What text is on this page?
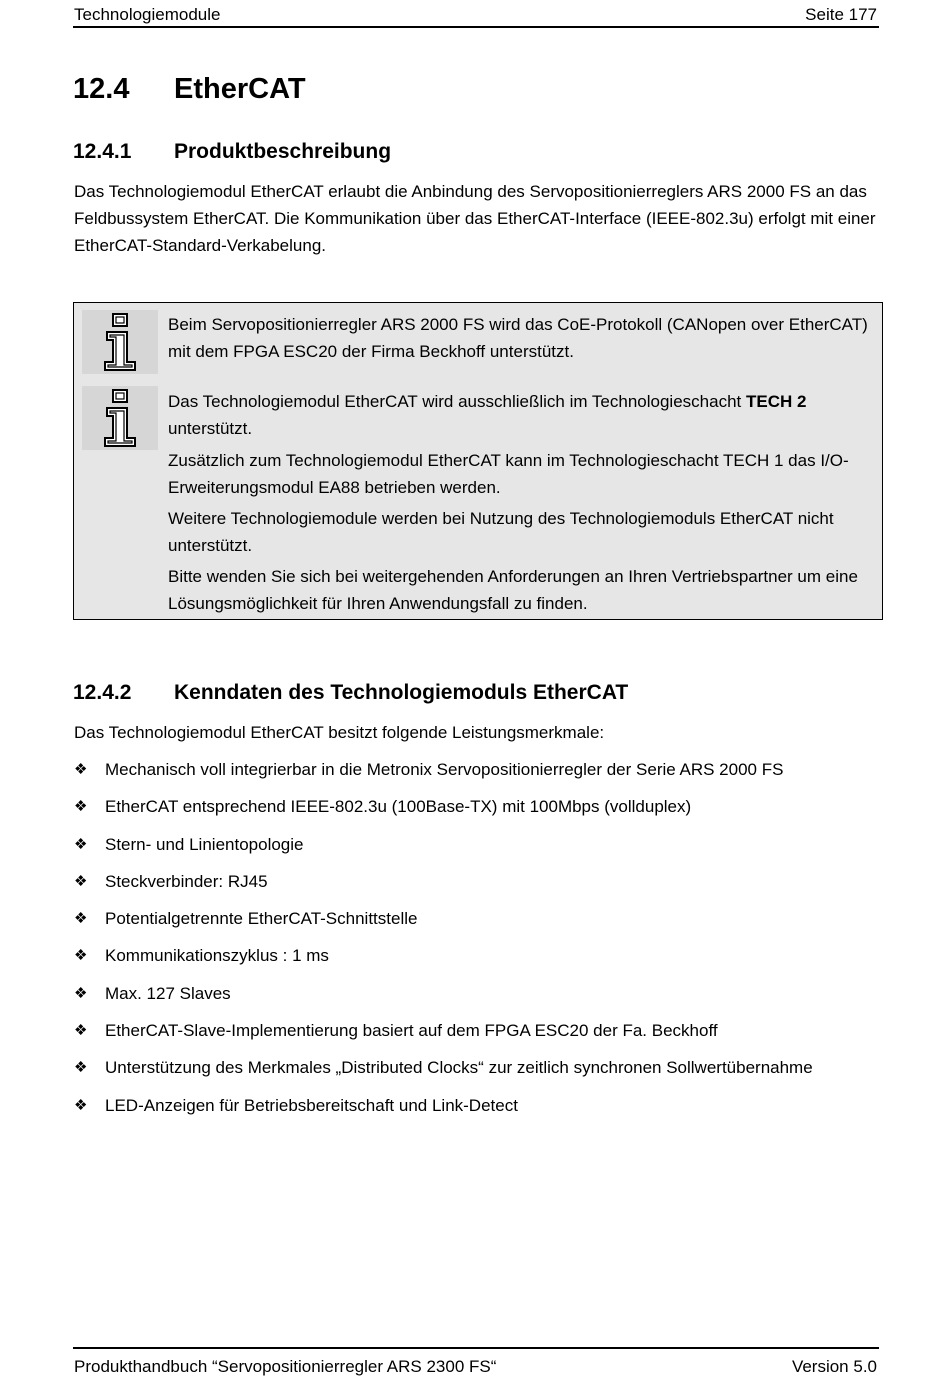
Technologiemodule	Seite 177
12.4 EtherCAT
12.4.1 Produktbeschreibung

Das Technologiemodul EtherCAT erlaubt die Anbindung des Servopositionierreglers ARS 2000 FS an das Feldbussystem EtherCAT. Die Kommunikation über das EtherCAT-Interface (IEEE-802.3u) erfolgt mit einer EtherCAT-Standard-Verkabelung.

Beim Servopositionierregler ARS 2000 FS wird das CoE-Protokoll (CANopen over EtherCAT) mit dem FPGA ESC20 der Firma Beckhoff unterstützt.

Das Technologiemodul EtherCAT wird ausschließlich im Technologieschacht TECH 2 unterstützt.

Zusätzlich zum Technologiemodul EtherCAT kann im Technologieschacht TECH 1 das I/O-Erweiterungsmodul EA88 betrieben werden.

Weitere Technologiemodule werden bei Nutzung des Technologiemoduls EtherCAT nicht unterstützt.

Bitte wenden Sie sich bei weitergehenden Anforderungen an Ihren Vertriebspartner um eine Lösungsmöglichkeit für Ihren Anwendungsfall zu finden.

12.4.2 Kenndaten des Technologiemoduls EtherCAT

Das Technologiemodul EtherCAT besitzt folgende Leistungsmerkmale:

❖ Mechanisch voll integrierbar in die Metronix Servopositionierregler der Serie ARS 2000 FS
❖ EtherCAT entsprechend IEEE-802.3u (100Base-TX) mit 100Mbps (vollduplex)
❖ Stern- und Linientopologie
❖ Steckverbinder: RJ45
❖ Potentialgetrennte EtherCAT-Schnittstelle
❖ Kommunikationszyklus : 1 ms
❖ Max. 127 Slaves
❖ EtherCAT-Slave-Implementierung basiert auf dem FPGA ESC20 der Fa. Beckhoff
❖ Unterstützung des Merkmales „Distributed Clocks“ zur zeitlich synchronen Sollwertübernahme
❖ LED-Anzeigen für Betriebsbereitschaft und Link-Detect
Produkthandbuch “Servopositionierregler ARS 2300 FS“	Version 5.0
